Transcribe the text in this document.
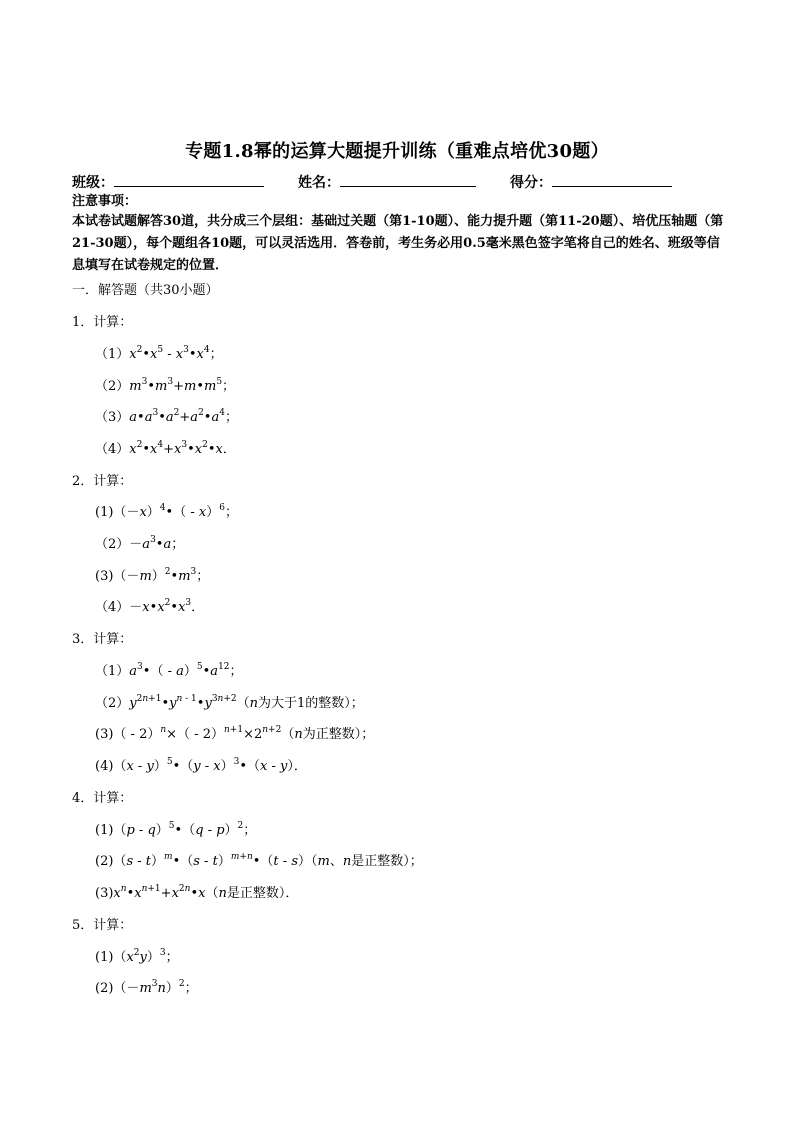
专题1.8幂的运算大题提升训练（重难点培优30题）
班级：	姓名：	得分：
注意事项：
本试卷试题解答30道，共分成三个层组：基础过关题（第1-10题）、能力提升题（第11-20题）、培优压轴题（第21-30题），每个题组各10题，可以灵活选用．答卷前，考生务必用0.5毫米黑色签字笔将自己的姓名、班级等信息填写在试卷规定的位置．
一．解答题（共30小题）
1．计算：
$(1)x^2•x^5$ - $x^3•x^4$；
$(2)m^3•m^3+m•m^5$；
$(3)a•a^3•a^2+a^2•a^4$；
$(4)x^2•x^4+x^3•x^2•x$．
2．计算：
$(1)(-x)^4•( - x)^6$；
$(2)-a^3•a$；
$(3)(-m)^2•m^3$；
$(4)-x•x^2•x^3$．
3．计算：
$(1)a^3•$（ - $a)^5•a^{12}$；
$(2)y^{2n+1}•y^{n - 1}•y^{3n+2}(n$为大于1的整数）；
$(3)( - 2)^n\times( - 2)^{n+1}\times 2^{n+2}(n$为正整数）；
(4)（x - y）$^5$•（y - x）$^3$•（x - y）．
4．计算：
(1)（p - q）$^5$•（q - p）$^2$；
(2)（s - t）$^m$•（s - t）$^{m+n}$•（t - s）（m、n是正整数）；
$(3)x^n•x^{n+1}+x^{2n}•x(n$是正整数）．
5．计算：
$(1)(x^2y)^3$；
$(2)(-m^3n)^2$；
